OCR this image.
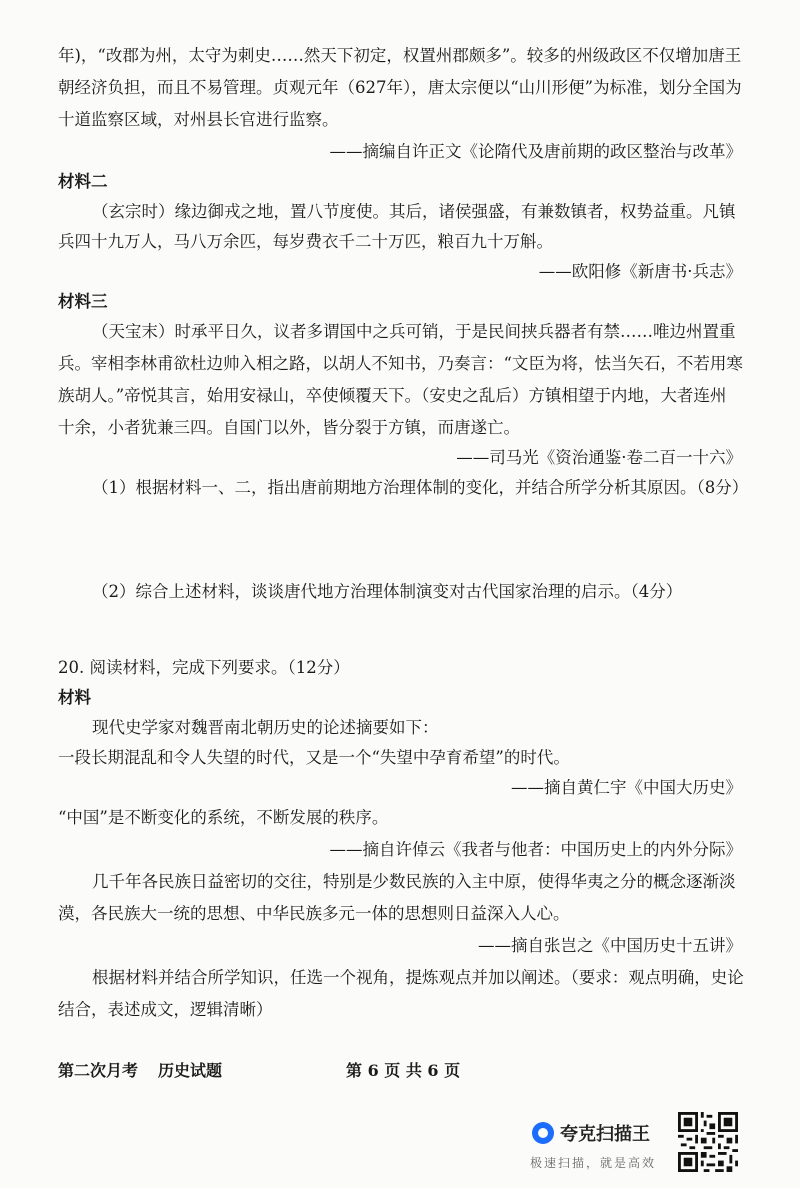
年)，“改郡为州，太守为刺史……然天下初定，权置州郡颇多”。较多的州级政区不仅增加唐王
朝经济负担，而且不易管理。贞观元年（627年），唐太宗便以“山川形便”为标准，划分全国为
十道监察区域，对州县长官进行监察。
——摘编自许正文《论隋代及唐前期的政区整治与改革》
材料二
（玄宗时）缘边御戎之地，置八节度使。其后，诸侯强盛，有兼数镇者，权势益重。凡镇
兵四十九万人，马八万余匹，每岁费衣千二十万匹，粮百九十万斛。
——欧阳修《新唐书·兵志》
材料三
（天宝末）时承平日久，议者多谓国中之兵可销，于是民间挟兵器者有禁……唯边州置重
兵。宰相李林甫欲杜边帅入相之路，以胡人不知书，乃奏言：“文臣为将，怯当矢石，不若用寒
族胡人。”帝悦其言，始用安禄山，卒使倾覆天下。（安史之乱后）方镇相望于内地，大者连州
十余，小者犹兼三四。自国门以外，皆分裂于方镇，而唐遂亡。
——司马光《资治通鉴·卷二百一十六》
（1）根据材料一、二，指出唐前期地方治理体制的变化，并结合所学分析其原因。（8分）
（2）综合上述材料，谈谈唐代地方治理体制演变对古代国家治理的启示。（4分）
20. 阅读材料，完成下列要求。（12分）
材料
现代史学家对魏晋南北朝历史的论述摘要如下：
一段长期混乱和令人失望的时代，又是一个“失望中孕育希望”的时代。
——摘自黄仁宇《中国大历史》
“中国”是不断变化的系统，不断发展的秩序。
——摘自许倬云《我者与他者：中国历史上的内外分际》
几千年各民族日益密切的交往，特别是少数民族的入主中原，使得华夷之分的概念逐渐淡
漠，各民族大一统的思想、中华民族多元一体的思想则日益深入人心。
——摘自张岂之《中国历史十五讲》
根据材料并结合所学知识，任选一个视角，提炼观点并加以阐述。（要求：观点明确，史论
结合，表述成文，逻辑清晰）
第二次月考 历史试题	第 6 页 共 6 页
夸克扫描王
极速扫描，就是高效
